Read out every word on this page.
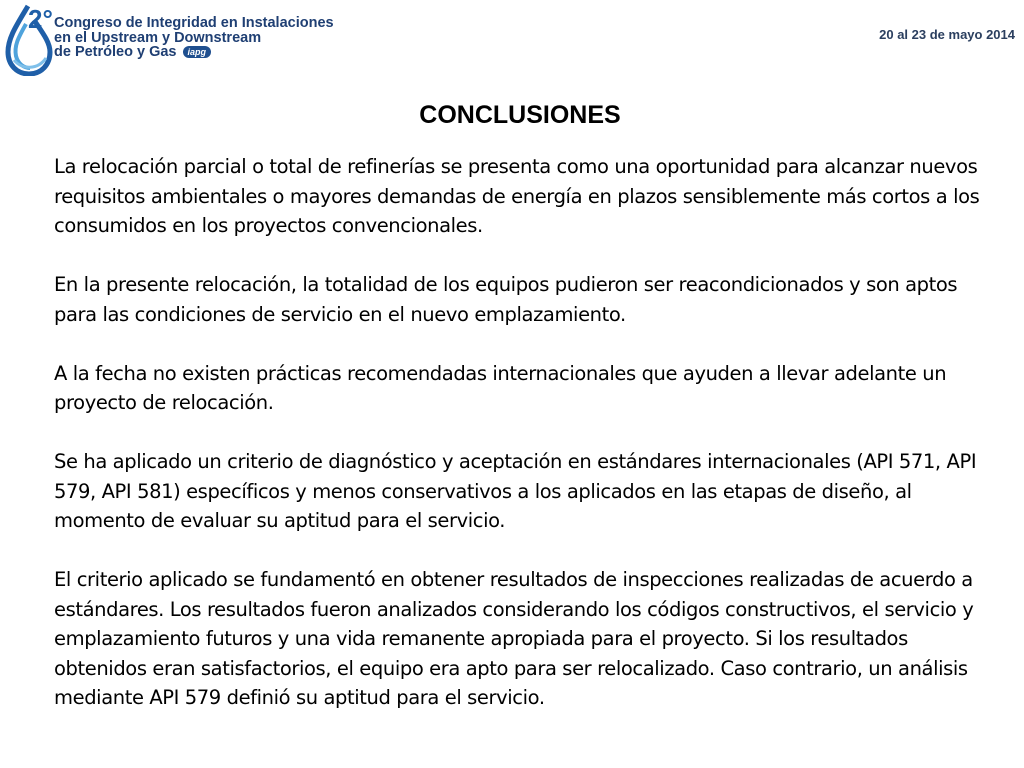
2° Congreso de Integridad en Instalaciones
en el Upstream y Downstream
de Petróleo y Gas iapg
20 al 23 de mayo 2014
CONCLUSIONES

La relocación parcial o total de refinerías se presenta como una oportunidad para alcanzar nuevos requisitos ambientales o mayores demandas de energía en plazos sensiblemente más cortos a los consumidos en los proyectos convencionales.

En la presente relocación, la totalidad de los equipos pudieron ser reacondicionados y son aptos para las condiciones de servicio en el nuevo emplazamiento.

A la fecha no existen prácticas recomendadas internacionales que ayuden a llevar adelante un proyecto de relocación.

Se ha aplicado un criterio de diagnóstico y aceptación en estándares internacionales (API 571, API 579, API 581) específicos y menos conservativos a los aplicados en las etapas de diseño, al momento de evaluar su aptitud para el servicio.

El criterio aplicado se fundamentó en obtener resultados de inspecciones realizadas de acuerdo a estándares. Los resultados fueron analizados considerando los códigos constructivos, el servicio y emplazamiento futuros y una vida remanente apropiada para el proyecto. Si los resultados obtenidos eran satisfactorios, el equipo era apto para ser relocalizado. Caso contrario, un análisis mediante API 579 definió su aptitud para el servicio.
